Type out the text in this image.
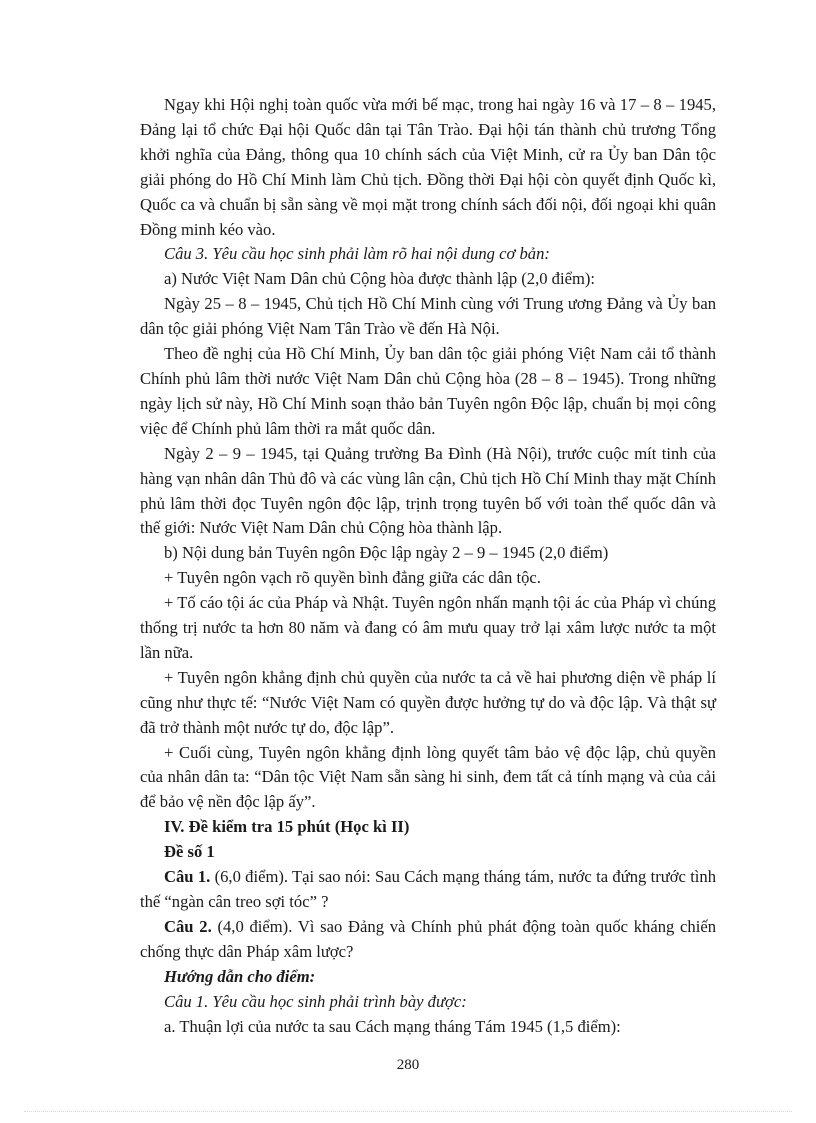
Ngay khi Hội nghị toàn quốc vừa mới bế mạc, trong hai ngày 16 và 17 – 8 – 1945, Đảng lại tổ chức Đại hội Quốc dân tại Tân Trào. Đại hội tán thành chủ trương Tổng khởi nghĩa của Đảng, thông qua 10 chính sách của Việt Minh, cử ra Ủy ban Dân tộc giải phóng do Hồ Chí Minh làm Chủ tịch. Đồng thời Đại hội còn quyết định Quốc kì, Quốc ca và chuẩn bị sẵn sàng về mọi mặt trong chính sách đối nội, đối ngoại khi quân Đồng minh kéo vào.

Câu 3. Yêu cầu học sinh phải làm rõ hai nội dung cơ bản:

a) Nước Việt Nam Dân chủ Cộng hòa được thành lập (2,0 điểm):

Ngày 25 – 8 – 1945, Chủ tịch Hồ Chí Minh cùng với Trung ương Đảng và Ủy ban dân tộc giải phóng Việt Nam Tân Trào về đến Hà Nội.

Theo đề nghị của Hồ Chí Minh, Ủy ban dân tộc giải phóng Việt Nam cải tổ thành Chính phủ lâm thời nước Việt Nam Dân chủ Cộng hòa (28 – 8 – 1945). Trong những ngày lịch sử này, Hồ Chí Minh soạn thảo bản Tuyên ngôn Độc lập, chuẩn bị mọi công việc để Chính phủ lâm thời ra mắt quốc dân.

Ngày 2 – 9 – 1945, tại Quảng trường Ba Đình (Hà Nội), trước cuộc mít tinh của hàng vạn nhân dân Thủ đô và các vùng lân cận, Chủ tịch Hồ Chí Minh thay mặt Chính phủ lâm thời đọc Tuyên ngôn độc lập, trịnh trọng tuyên bố với toàn thể quốc dân và thế giới: Nước Việt Nam Dân chủ Cộng hòa thành lập.

b) Nội dung bản Tuyên ngôn Độc lập ngày 2 – 9 – 1945 (2,0 điểm)

+ Tuyên ngôn vạch rõ quyền bình đẳng giữa các dân tộc.

+ Tố cáo tội ác của Pháp và Nhật. Tuyên ngôn nhấn mạnh tội ác của Pháp vì chúng thống trị nước ta hơn 80 năm và đang có âm mưu quay trở lại xâm lược nước ta một lần nữa.

+ Tuyên ngôn khẳng định chủ quyền của nước ta cả về hai phương diện về pháp lí cũng như thực tế: “Nước Việt Nam có quyền được hưởng tự do và độc lập. Và thật sự đã trở thành một nước tự do, độc lập”.

+ Cuối cùng, Tuyên ngôn khẳng định lòng quyết tâm bảo vệ độc lập, chủ quyền của nhân dân ta: “Dân tộc Việt Nam sẵn sàng hi sinh, đem tất cả tính mạng và của cải để bảo vệ nền độc lập ấy”.

IV. Đề kiểm tra 15 phút (Học kì II)

Đề số 1

Câu 1. (6,0 điểm). Tại sao nói: Sau Cách mạng tháng tám, nước ta đứng trước tình thế “ngàn cân treo sợi tóc” ?

Câu 2. (4,0 điểm). Vì sao Đảng và Chính phủ phát động toàn quốc kháng chiến chống thực dân Pháp xâm lược?

Hướng dẫn cho điểm:

Câu 1. Yêu cầu học sinh phải trình bày được:

a. Thuận lợi của nước ta sau Cách mạng tháng Tám 1945 (1,5 điểm):

280
